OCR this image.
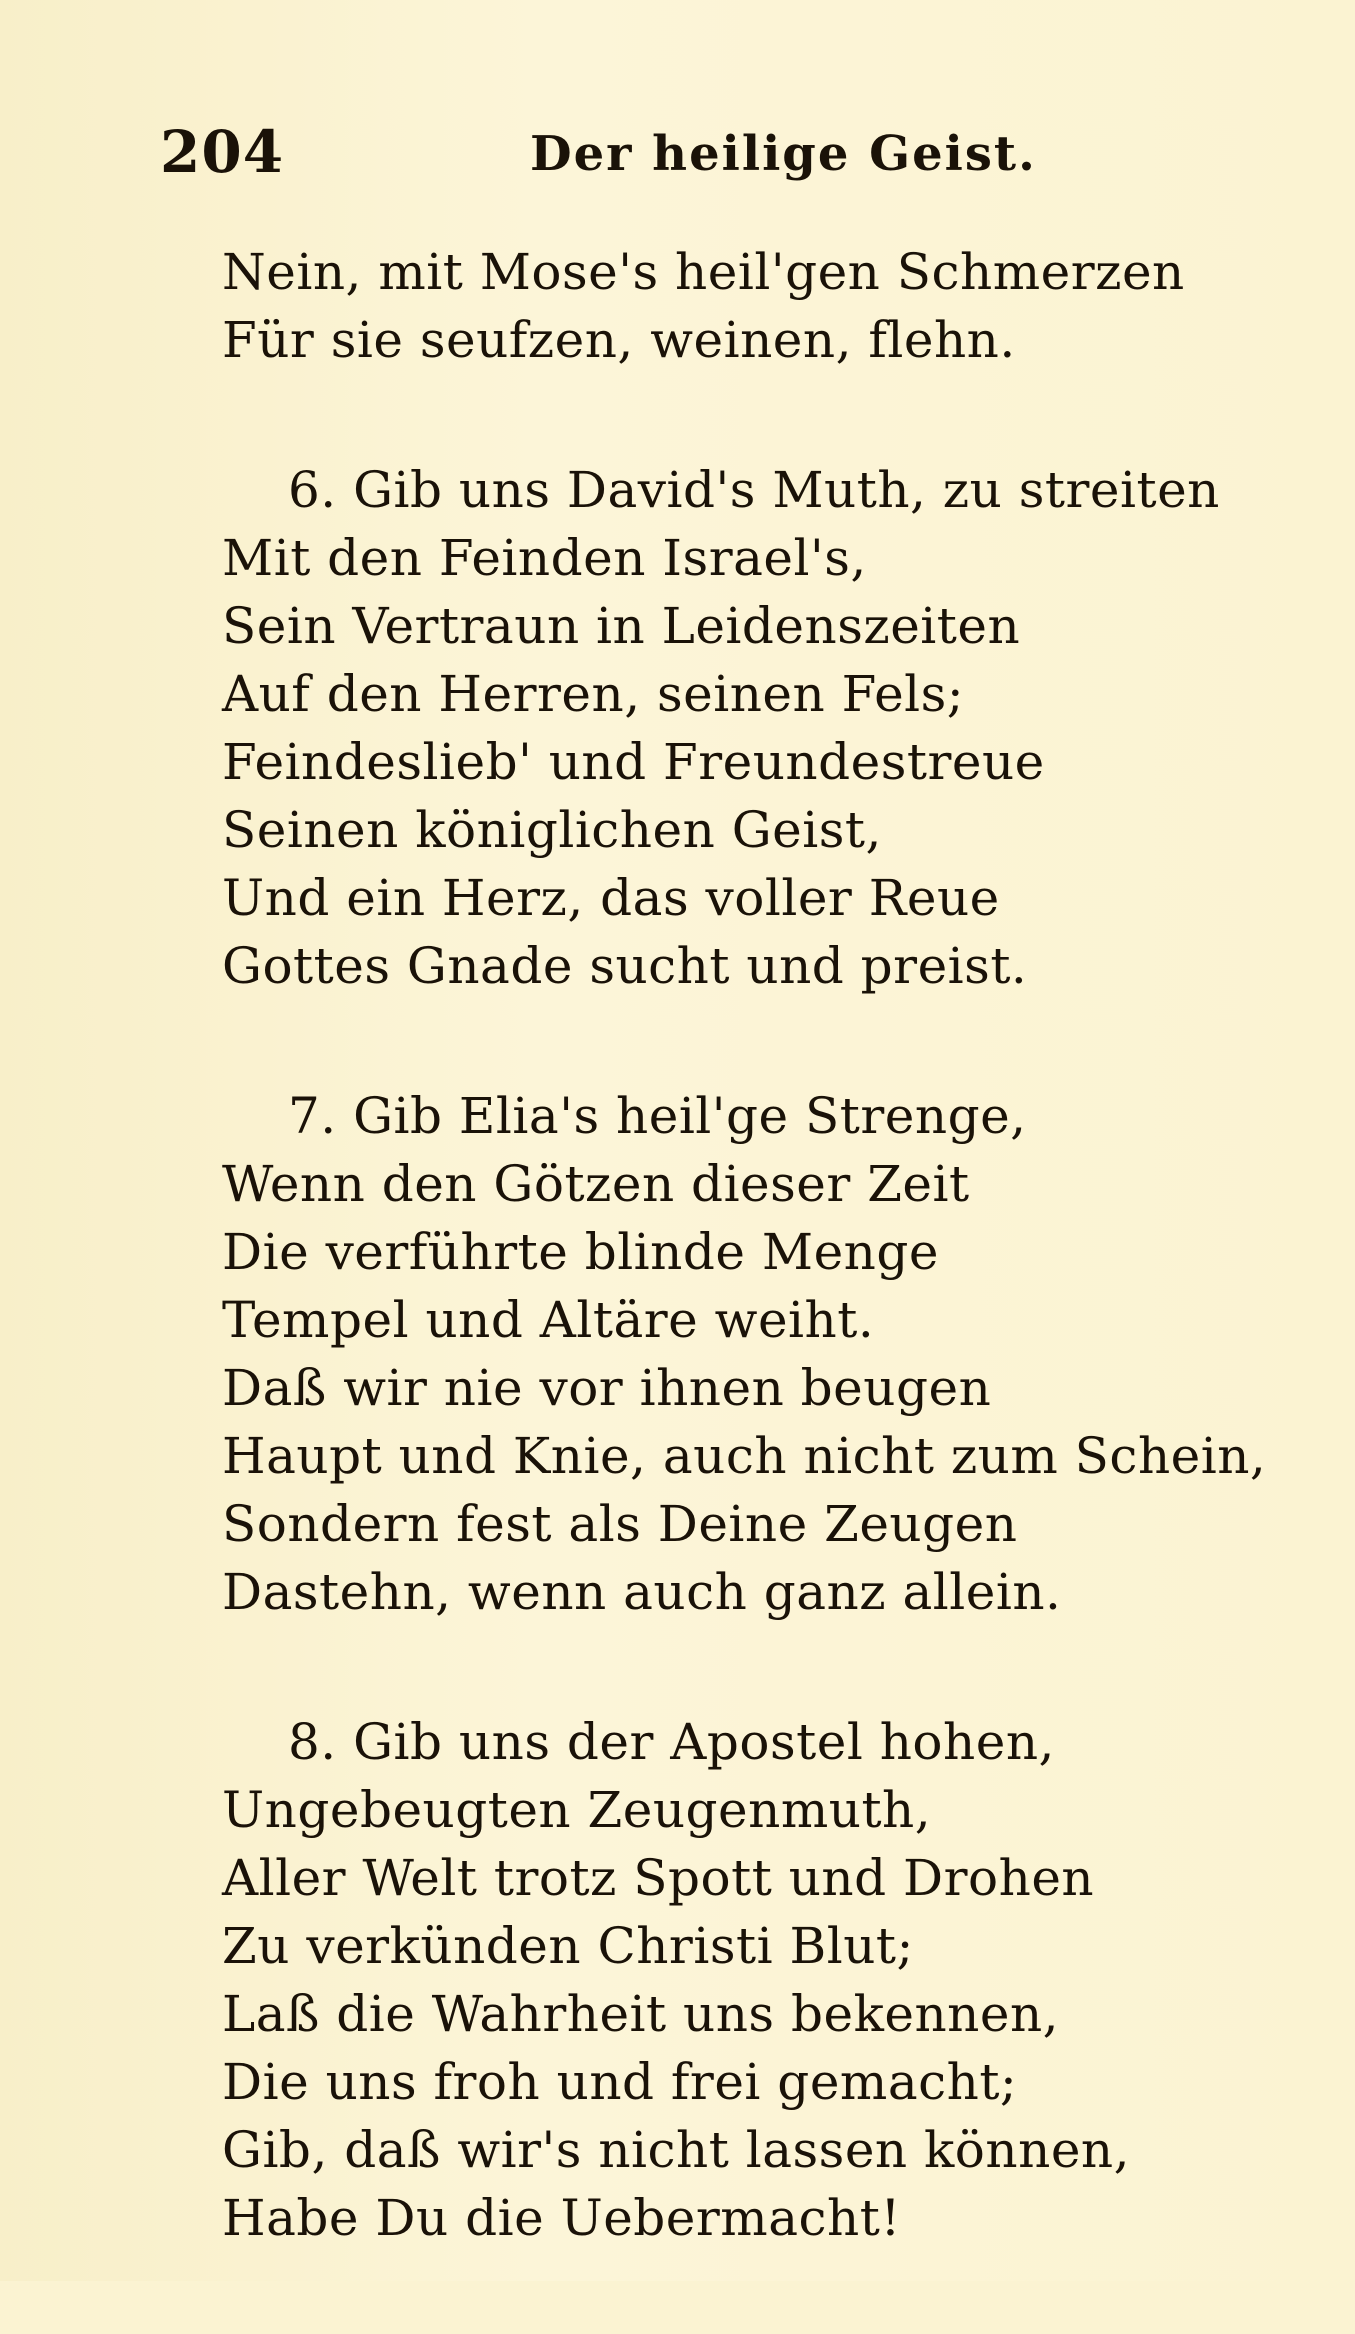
204	Der heilige Geist.
Nein, mit Mose's heil'gen Schmerzen
Für sie seufzen, weinen, flehn.
6. Gib uns David's Muth, zu streiten
Mit den Feinden Israel's,
Sein Vertraun in Leidenszeiten
Auf den Herren, seinen Fels;
Feindeslieb' und Freundestreue
Seinen königlichen Geist,
Und ein Herz, das voller Reue
Gottes Gnade sucht und preist.
7. Gib Elia's heil'ge Strenge,
Wenn den Götzen dieser Zeit
Die verführte blinde Menge
Tempel und Altäre weiht.
Daß wir nie vor ihnen beugen
Haupt und Knie, auch nicht zum Schein,
Sondern fest als Deine Zeugen
Dastehn, wenn auch ganz allein.
8. Gib uns der Apostel hohen,
Ungebeugten Zeugenmuth,
Aller Welt trotz Spott und Drohen
Zu verkünden Christi Blut;
Laß die Wahrheit uns bekennen,
Die uns froh und frei gemacht;
Gib, daß wir's nicht lassen können,
Habe Du die Uebermacht!
